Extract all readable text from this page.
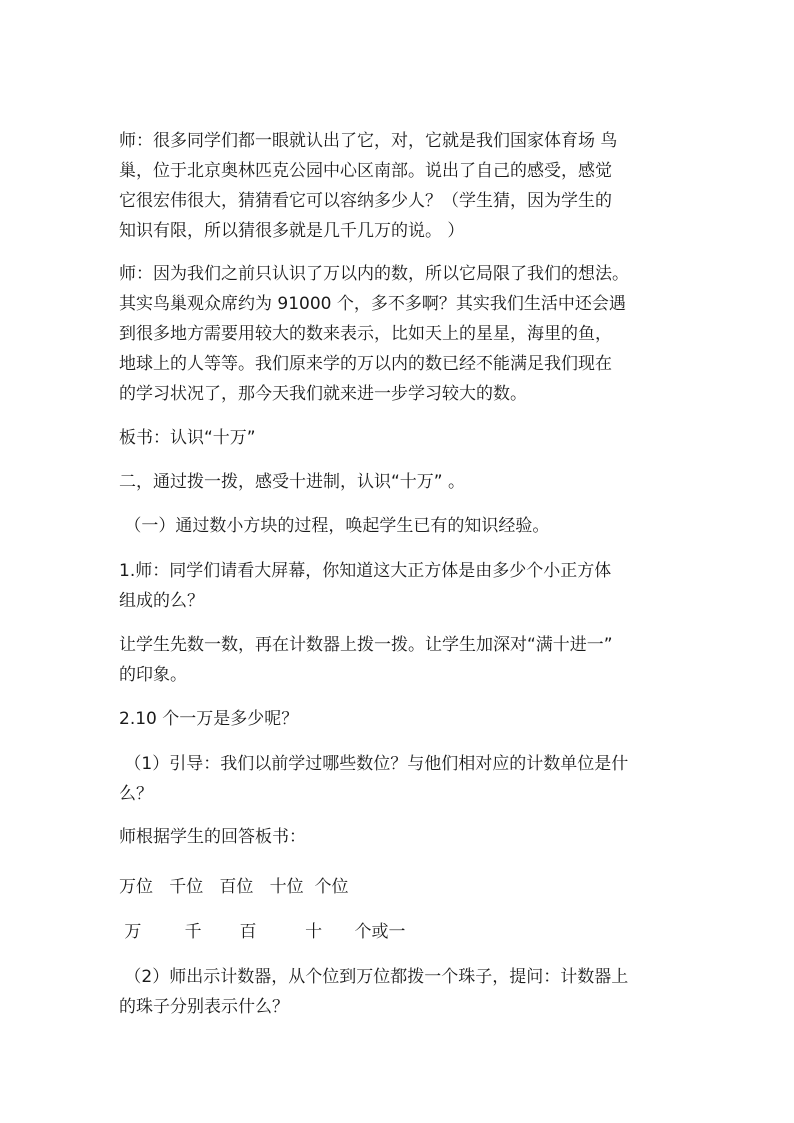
师：很多同学们都一眼就认出了它，对，它就是我们国家体育场 鸟

巢，位于北京奥林匹克公园中心区南部。说出了自己的感受，感觉

它很宏伟很大，猜猜看它可以容纳多少人？（学生猜，因为学生的

知识有限，所以猜很多就是几千几万的说。 ）

师：因为我们之前只认识了万以内的数，所以它局限了我们的想法。

其实鸟巢观众席约为 91000 个，多不多啊？其实我们生活中还会遇

到很多地方需要用较大的数来表示，比如天上的星星，海里的鱼，

地球上的人等等。我们原来学的万以内的数已经不能满足我们现在

的学习状况了，那今天我们就来进一步学习较大的数。

板书：认识“十万”

二，通过拨一拨，感受十进制，认识“十万” 。

（一）通过数小方块的过程，唤起学生已有的知识经验。

1.师：同学们请看大屏幕，你知道这大正方体是由多少个小正方体

组成的么？

让学生先数一数，再在计数器上拨一拨。让学生加深对“满十进一”

的印象。

2.10 个一万是多少呢？

（1）引导：我们以前学过哪些数位？与他们相对应的计数单位是什

么？

师根据学生的回答板书：

万位   千位   百位   十位  个位

万        千       百         十      个或一

（2）师出示计数器，从个位到万位都拨一个珠子，提问：计数器上

的珠子分别表示什么？
